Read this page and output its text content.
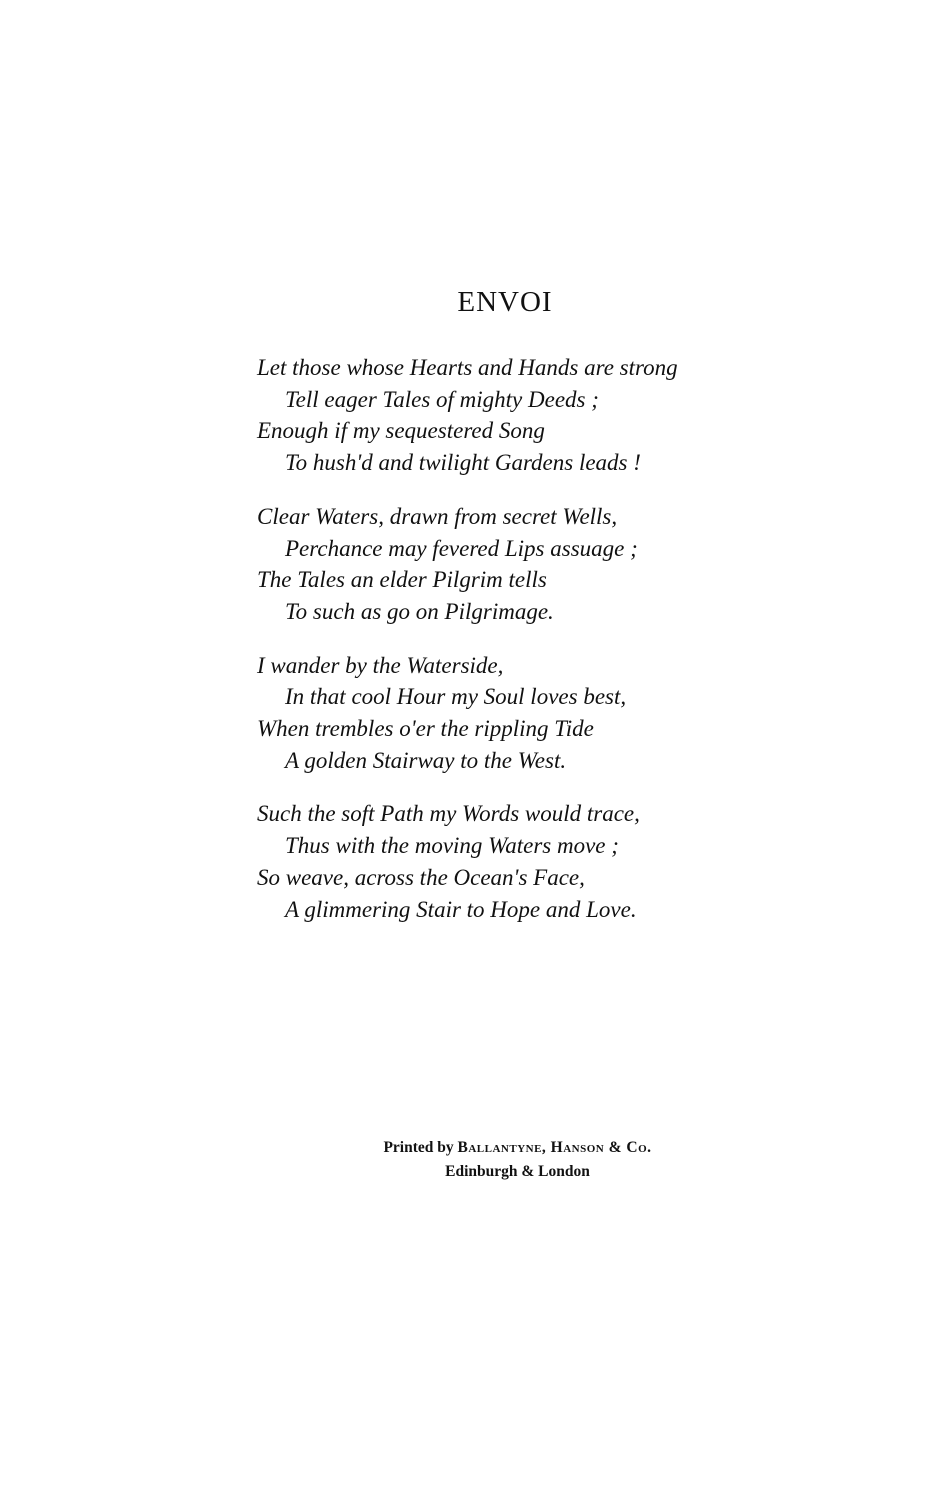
ENVOI
Let those whose Hearts and Hands are strong
Tell eager Tales of mighty Deeds ;
Enough if my sequestered Song
To hush'd and twilight Gardens leads !
Clear Waters, drawn from secret Wells,
Perchance may fevered Lips assuage ;
The Tales an elder Pilgrim tells
To such as go on Pilgrimage.
I wander by the Waterside,
In that cool Hour my Soul loves best,
When trembles o'er the rippling Tide
A golden Stairway to the West.
Such the soft Path my Words would trace,
Thus with the moving Waters move ;
So weave, across the Ocean's Face,
A glimmering Stair to Hope and Love.
Printed by Ballantyne, Hanson & Co.
Edinburgh & London
